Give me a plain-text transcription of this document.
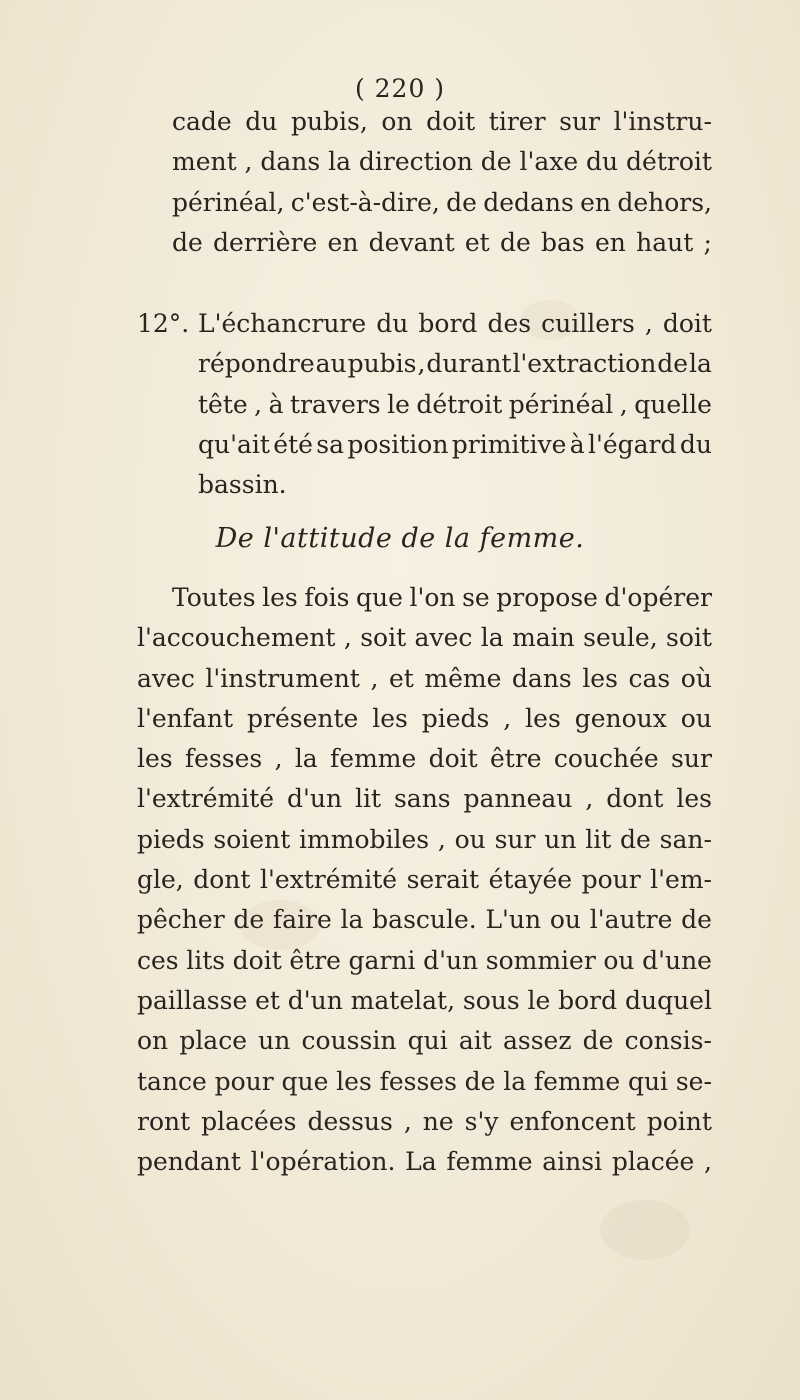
( 220 )
cade du pubis, on doit tirer sur l'instru-
ment , dans la direction de l'axe du détroit
périnéal, c'est-à-dire, de dedans en dehors,
de derrière en devant et de bas en haut ;
12°. L'échancrure du bord des cuillers , doit
répondre au pubis , durant l'extraction de la
tête , à travers le détroit périnéal , quelle
qu'ait été sa position primitive à l'égard du
bassin.
De l'attitude de la femme.
Toutes les fois que l'on se propose d'opérer
l'accouchement , soit avec la main seule, soit
avec l'instrument , et même dans les cas où
l'enfant présente les pieds , les genoux ou
les fesses , la femme doit être couchée sur
l'extrémité d'un lit sans panneau , dont les
pieds soient immobiles , ou sur un lit de san-
gle, dont l'extrémité serait étayée pour l'em-
pêcher de faire la bascule. L'un ou l'autre de
ces lits doit être garni d'un sommier ou d'une
paillasse et d'un matelat, sous le bord duquel
on place un coussin qui ait assez de consis-
tance pour que les fesses de la femme qui se-
ront placées dessus , ne s'y enfoncent point
pendant l'opération. La femme ainsi placée ,
